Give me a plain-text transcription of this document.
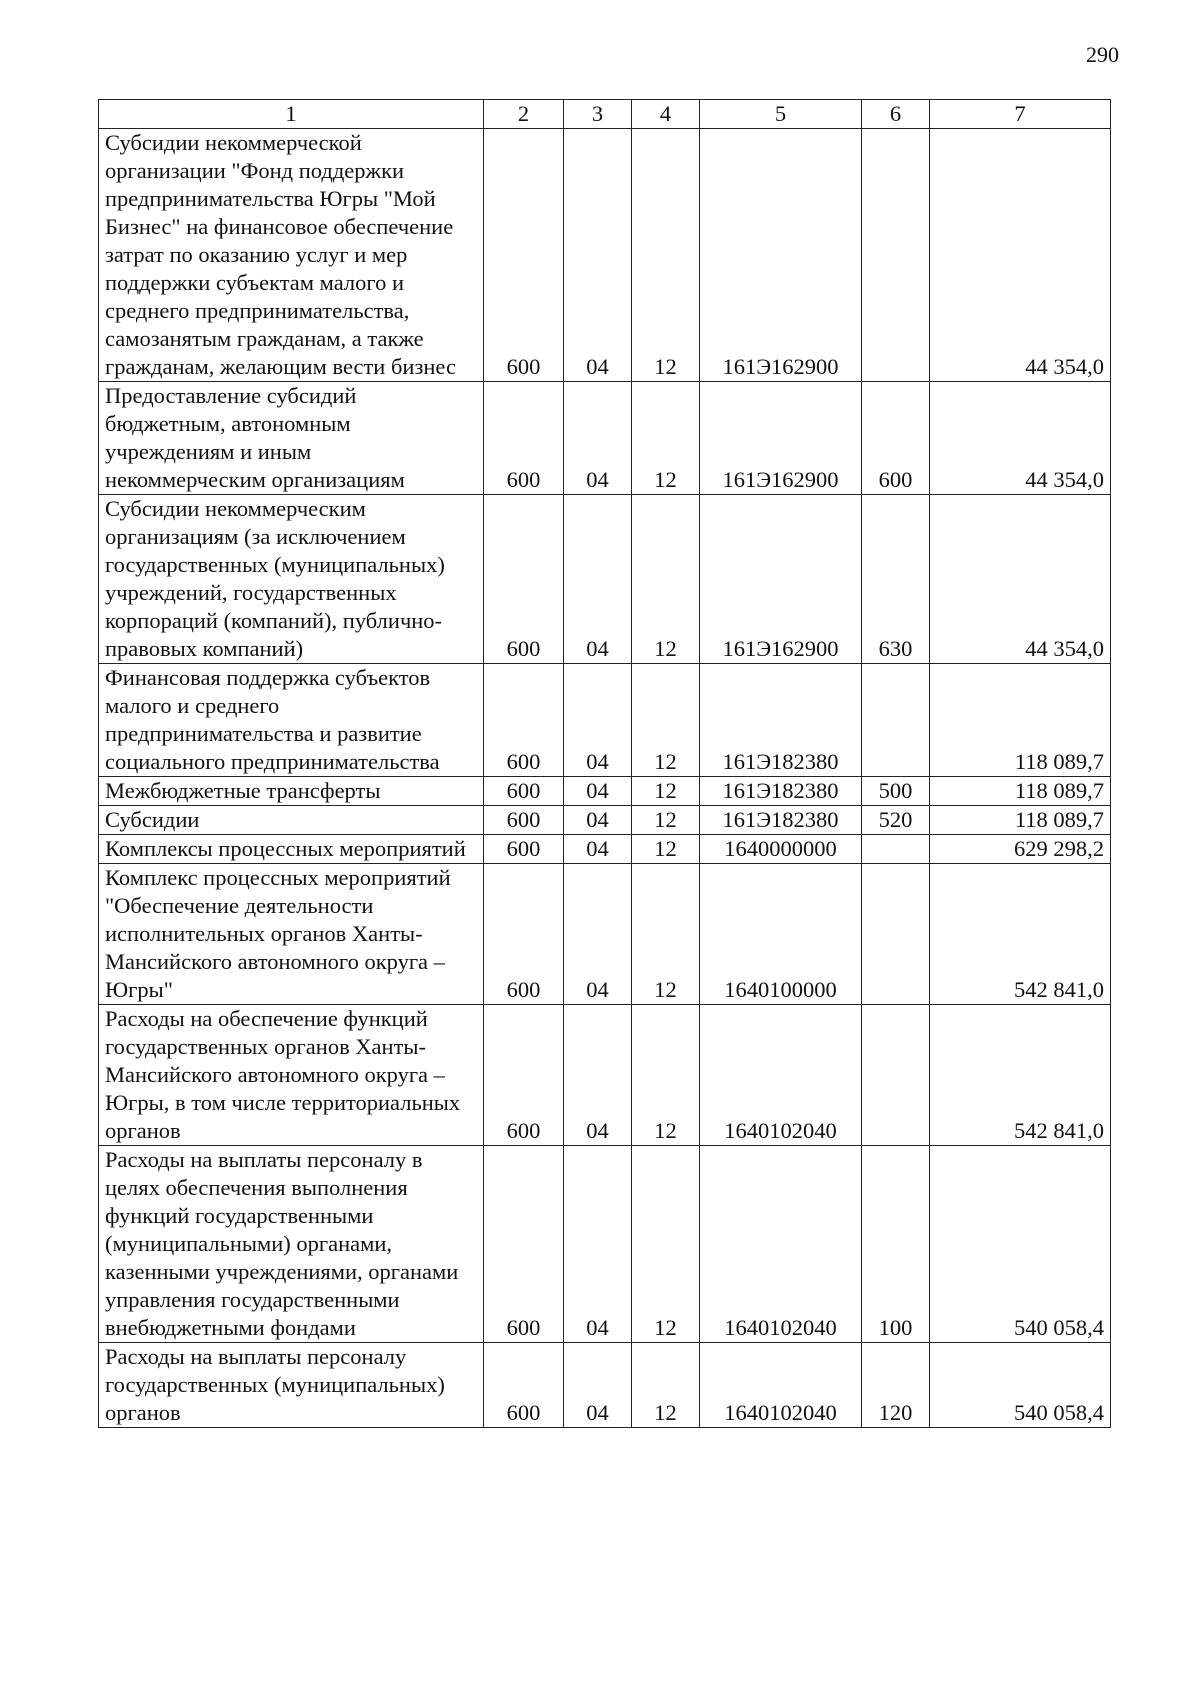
290
1	2	3	4	5	6	7
Субсидии некоммерческой организации "Фонд поддержки предпринимательства Югры "Мой Бизнес" на финансовое обеспечение затрат по оказанию услуг и мер поддержки субъектам малого и среднего предпринимательства, самозанятым гражданам, а также гражданам, желающим вести бизнес	600	04	12	161Э162900		44 354,0
Предоставление субсидий бюджетным, автономным учреждениям и иным некоммерческим организациям	600	04	12	161Э162900	600	44 354,0
Субсидии некоммерческим организациям (за исключением государственных (муниципальных) учреждений, государственных корпораций (компаний), публично-правовых компаний)	600	04	12	161Э162900	630	44 354,0
Финансовая поддержка субъектов малого и среднего предпринимательства и развитие социального предпринимательства	600	04	12	161Э182380		118 089,7
Межбюджетные трансферты	600	04	12	161Э182380	500	118 089,7
Субсидии	600	04	12	161Э182380	520	118 089,7
Комплексы процессных мероприятий	600	04	12	1640000000		629 298,2
Комплекс процессных мероприятий "Обеспечение деятельности исполнительных органов Ханты-Мансийского автономного округа – Югры"	600	04	12	1640100000		542 841,0
Расходы на обеспечение функций государственных органов Ханты-Мансийского автономного округа – Югры, в том числе территориальных органов	600	04	12	1640102040		542 841,0
Расходы на выплаты персоналу в целях обеспечения выполнения функций государственными (муниципальными) органами, казенными учреждениями, органами управления государственными внебюджетными фондами	600	04	12	1640102040	100	540 058,4
Расходы на выплаты персоналу государственных (муниципальных) органов	600	04	12	1640102040	120	540 058,4
